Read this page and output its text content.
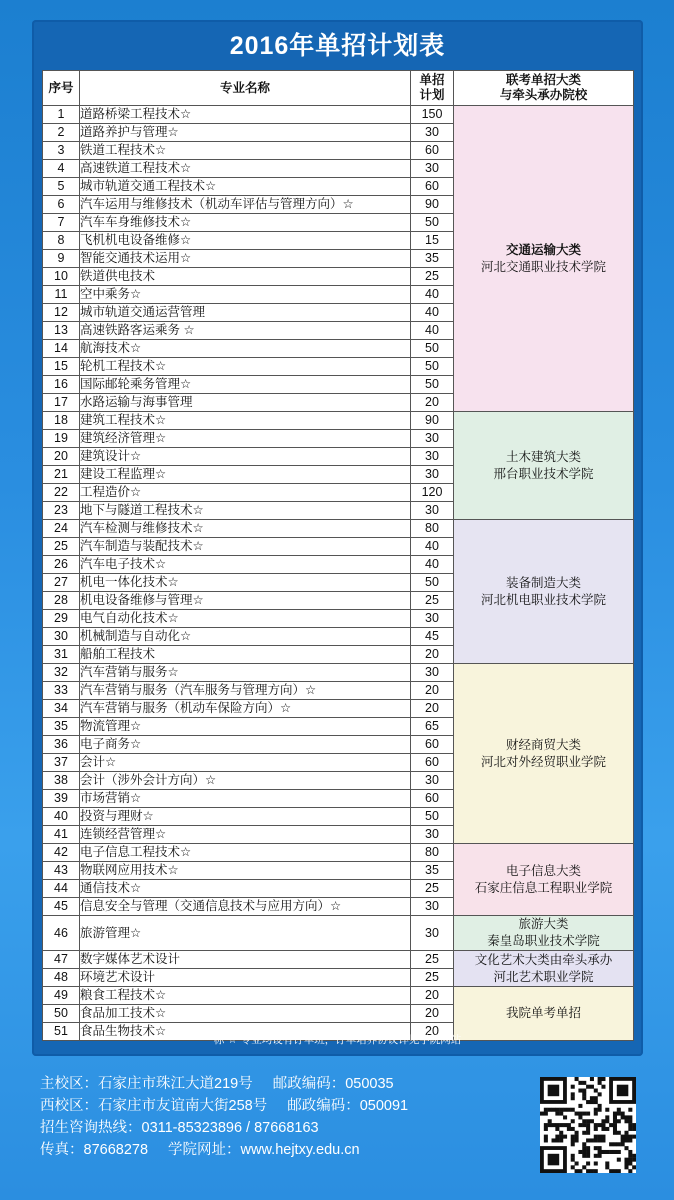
2016年单招计划表
序号	专业名称	单招
计划	联考单招大类
与牵头承办院校
1	道路桥梁工程技术☆	150	交通运输大类
河北交通职业技术学院
2	道路养护与管理☆	30	
3	铁道工程技术☆	60	
4	高速铁道工程技术☆	30	
5	城市轨道交通工程技术☆	60	
6	汽车运用与维修技术（机动车评估与管理方向）☆	90	
7	汽车车身维修技术☆	50	
8	飞机机电设备维修☆	15	
9	智能交通技术运用☆	35	
10	铁道供电技术	25	
11	空中乘务☆	40	
12	城市轨道交通运营管理	40	
13	高速铁路客运乘务 ☆	40	
14	航海技术☆	50	
15	轮机工程技术☆	50	
16	国际邮轮乘务管理☆	50	
17	水路运输与海事管理	20	
18	建筑工程技术☆	90	土木建筑大类
邢台职业技术学院
19	建筑经济管理☆	30	
20	建筑设计☆	30	
21	建设工程监理☆	30	
22	工程造价☆	120	
23	地下与隧道工程技术☆	30	
24	汽车检测与维修技术☆	80	装备制造大类
河北机电职业技术学院
25	汽车制造与装配技术☆	40	
26	汽车电子技术☆	40	
27	机电一体化技术☆	50	
28	机电设备维修与管理☆	25	
29	电气自动化技术☆	30	
30	机械制造与自动化☆	45	
31	船舶工程技术	20	
32	汽车营销与服务☆	30	财经商贸大类
河北对外经贸职业学院
33	汽车营销与服务（汽车服务与管理方向）☆	20	
34	汽车营销与服务（机动车保险方向）☆	20	
35	物流管理☆	65	
36	电子商务☆	60	
37	会计☆	60	
38	会计（涉外会计方向）☆	30	
39	市场营销☆	60	
40	投资与理财☆	50	
41	连锁经营管理☆	30	
42	电子信息工程技术☆	80	电子信息大类
石家庄信息工程职业学院
43	物联网应用技术☆	35	
44	通信技术☆	25	
45	信息安全与管理（交通信息技术与应用方向）☆	30	
46	旅游管理☆	30	旅游大类
秦皇岛职业技术学院
47	数字媒体艺术设计	25	文化艺术大类由牵头承办
河北艺术职业学院
48	环境艺术设计	25	
49	粮食工程技术☆	20	我院单考单招
50	食品加工技术☆	20	
51	食品生物技术☆	20	
标“☆”专业均设有订单班，订单培养协议详见学院网站
主校区：石家庄市珠江大道219号 邮政编码：050035
西校区：石家庄市友谊南大街258号 邮政编码：050091
招生咨询热线：0311-85323896 / 87668163
传真：87668278 学院网址：www.hejtxy.edu.cn
